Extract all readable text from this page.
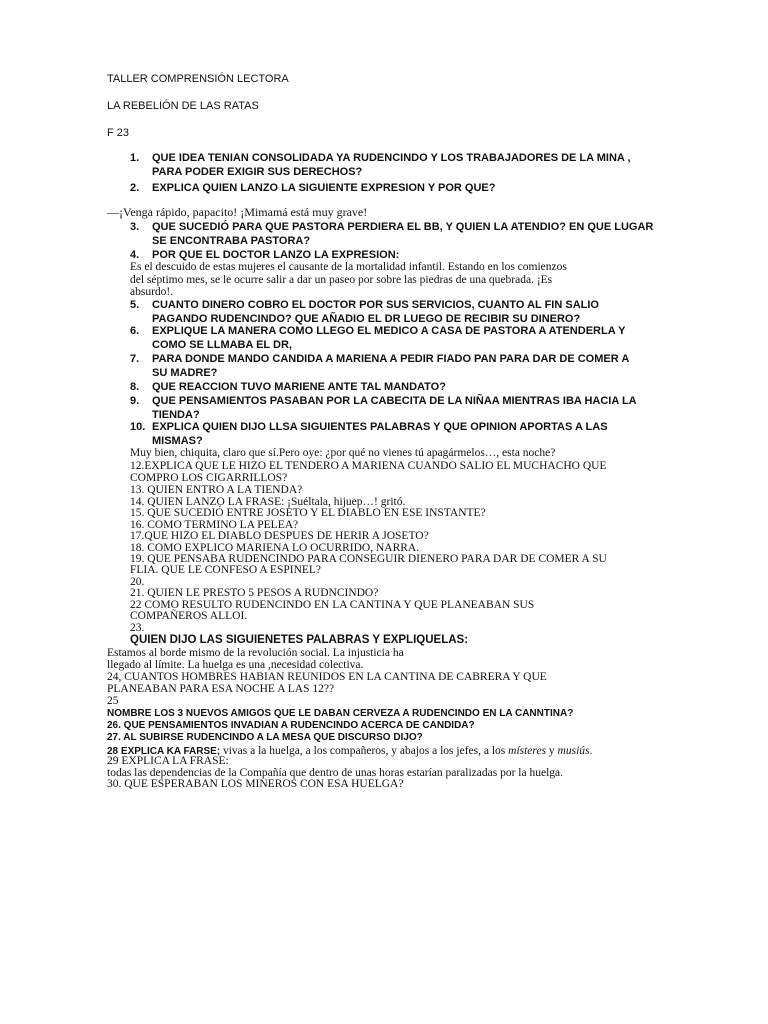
TALLER COMPRENSIÓN LECTORA
LA REBELIÓN DE LAS RATAS
F 23
1. QUE IDEA TENIAN CONSOLIDADA YA RUDENCINDO Y LOS TRABAJADORES DE LA MINA ,
PARA PODER EXIGIR SUS DERECHOS?
2. EXPLICA QUIEN LANZO LA SIGUIENTE EXPRESION Y POR QUE?
—¡Venga rápido, papacito! ¡Mimamá está muy grave!
3. QUE SUCEDIÓ PARA QUE PASTORA PERDIERA EL BB, Y QUIEN LA ATENDIO? EN QUE LUGAR
SE ENCONTRABA PASTORA?
4. POR QUE EL DOCTOR LANZO LA EXPRESION:
Es el descuido de estas mujeres el causante de la mortalidad infantil. Estando en los comienzos
del séptimo mes, se le ocurre salir a dar un paseo por sobre las piedras de una quebrada. ¡Es
absurdo!.
5. CUANTO DINERO COBRO EL DOCTOR POR SUS SERVICIOS, CUANTO AL FIN SALIO
PAGANDO RUDENCINDO? QUE AÑADIO EL DR LUEGO DE RECIBIR SU DINERO?
6. EXPLIQUE LA MANERA COMO LLEGO EL MEDICO A CASA DE PASTORA A ATENDERLA Y
COMO SE LLMABA EL DR,
7. PARA DONDE MANDO CANDIDA A MARIENA A PEDIR FIADO PAN PARA DAR DE COMER A
SU MADRE?
8. QUE REACCION TUVO MARIENE ANTE TAL MANDATO?
9. QUE PENSAMIENTOS PASABAN POR LA CABECITA DE LA NIÑAA MIENTRAS IBA HACIA LA
TIENDA?
10. EXPLICA QUIEN DIJO LLSA SIGUIENTES PALABRAS Y QUE OPINION APORTAS A LAS
MISMAS?
Muy bien, chiquita, claro que sí.Pero oye: ¿por qué no vienes tú apagármelos…, esta noche?
12.EXPLICA QUE LE HIZO EL TENDERO A MARIENA CUANDO SALIO EL MUCHACHO QUE
COMPRO LOS CIGARRILLOS?
13. QUIEN ENTRO A LA TIENDA?
14. QUIEN LANZO LA FRASE: ¡Suéltala, hijuep…! gritó.
15. QUE SUCEDIÓ ENTRE JOSETO Y EL DIABLO EN ESE INSTANTE?
16. COMO TERMINO LA PELEA?
17.QUE HIZO EL DIABLO DESPUES DE HERIR A JOSETO?
18. COMO EXPLICO MARIENA LO OCURRIDO, NARRA.
19. QUE PENSABA RUDENCINDO PARA CONSEGUIR DIENERO PARA DAR DE COMER A SU
FLIA. QUE LE CONFESO A ESPINEL?
20.
21. QUIEN LE PRESTO 5 PESOS A RUDNCINDO?
22 COMO RESULTO RUDENCINDO EN LA CANTINA Y QUE PLANEABAN SUS
COMPAÑEROS ALLOI.
23.
QUIEN DIJO LAS SIGUIENETES PALABRAS Y EXPLIQUELAS:
Estamos al borde mismo de la revolución social. La injusticia ha
llegado al límite. La huelga es una ,necesidad colectiva.
24, CUANTOS HOMBRES HABIAN REUNIDOS EN LA CANTINA DE CABRERA Y QUE
PLANEABAN PARA ESA NOCHE A LAS 12??
25
NOMBRE LOS 3 NUEVOS AMIGOS QUE LE DABAN CERVEZA A RUDENCINDO EN LA CANNTINA?
26. QUE PENSAMIENTOS INVADIAN A RUDENCINDO ACERCA DE CANDIDA?
27. AL SUBIRSE RUDENCINDO A LA MESA QUE DISCURSO DIJO?
28 EXPLICA KA FARSE; vivas a la huelga, a los compañeros, y abajos a los jefes, a los místeres y musiús.
29 EXPLICA LA FRASE:
todas las dependencias de la Compañía que dentro de unas horas estarían paralizadas por la huelga.
30. QUE ESPERABAN LOS MINEROS CON ESA HUELGA?
